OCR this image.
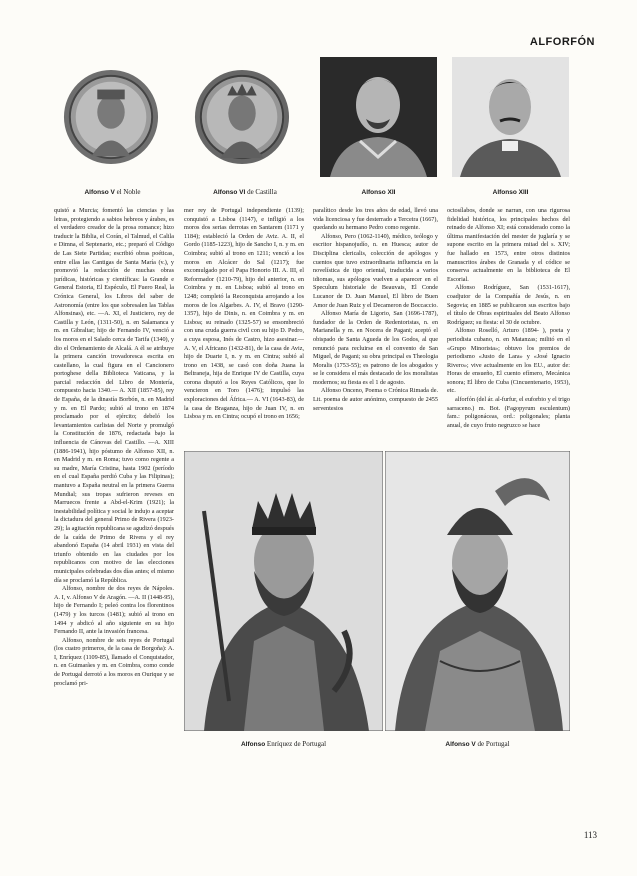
ALFORFÓN
Alfonso V el Noble	Alfonso VI de Castilla	Alfonso XII	Alfonso XIII

quistó a Murcia; fomentó las ciencias y las letras, protegiendo a sabios hebreos y árabes, es el verdadero creador de la prosa romance; hizo traducir la Biblia, el Corán, el Talmud, el Calila e Dimna, el Septenario, etc.; preparó el Código de Las Siete Partidas; escribió obras poéticas, entre ellas las Cantigas de Santa María (v.), y promovió la redacción de muchas obras jurídicas, históricas y científicas: la Grande e General Estoria, El Espéculo, El Fuero Real, la Crónica General, los Libros del saber de Astronomía (entre los que sobresalen las Tablas Alfonsinas), etc. —A. XI, el Justiciero, rey de Castilla y León, (1311-50), n. en Salamanca y m. en Gibraltar; hijo de Fernando IV, venció a los moros en el Salado cerca de Tarifa (1340), y dio el Ordenamiento de Alcalá. A él se atribuye la primera canción trovadoresca escrita en castellano, la cual figura en el Cancionero portoghese della Biblioteca Vaticana, y la parcial redacción del Libro de Montería, compuesto hacia 1340.— A. XII (1857-85), rey de España, de la dinastía Borbón, n. en Madrid y m. en El Pardo; subió al trono en 1874 proclamado por el ejército; debeló los levantamientos carlistas del Norte y promulgó la Constitución de 1876, redactada bajo la influencia de Cánovas del Castillo. —A. XIII (1886-1941), hijo póstumo de Alfonso XII, n. en Madrid y m. en Roma; tuvo como regente a su madre, María Cristina, hasta 1902 (período en el cual España perdió Cuba y las Filipinas); mantuvo a España neutral en la primera Guerra Mundial; sus tropas sufrieron reveses en Marruecos frente a Abd-el-Krim (1921); la inestabilidad política y social le indujo a aceptar la dictadura del general Primo de Rivera (1923-29); la agitación republicana se agudizó después de la caída de Primo de Rivera y el rey abandonó España (14 abril 1931) en vista del triunfo obtenido en las ciudades por los republicanos con motivo de las elecciones municipales celebradas dos días antes; el mismo día se proclamó la República.

Alfonso, nombre de dos reyes de Nápoles. A. I, v. Alfonso V de Aragón. —A. II (1448-95), hijo de Fernando I; peleó contra los florentinos (1479) y los turcos (1481); subió al trono en 1494 y abdicó al año siguiente en su hijo Fernando II, ante la invasión francesa.

Alfonso, nombre de seis reyes de Portugal (los cuatro primeros, de la casa de Borgoña): A. I, Enríquez (1109-85), llamado el Conquistador, n. en Guimarães y m. en Coimbra, como conde de Portugal derrotó a los moros en Ourique y se proclamó pri-

mer rey de Portugal independiente (1139); conquistó a Lisboa (1147), e infligió a los moros dos serias derrotas en Santarem (1171 y 1184); estableció la Orden de Aviz. A. II, el Gordo (1185-1223), hijo de Sancho I, n. y m. en Coimbra; subió al trono en 1211; venció a los moros en Alcácer do Sal (1217); fue excomulgado por el Papa Honorio III. A. III, el Reformador (1210-79), hijo del anterior, n. en Coimbra y m. en Lisboa; subió al trono en 1248; completó la Reconquista arrojando a los moros de los Algarbes. A. IV, el Bravo (1290-1357), hijo de Dinis, n. en Coimbra y m. en Lisboa; su reinado (1325-57) se ensombreció con una cruda guerra civil con su hijo D. Pedro, a cuya esposa, Inés de Castro, hizo asesinar.— A. V, el Africano (1432-81), de la casa de Aviz, hijo de Duarte I, n. y m. en Cintra; subió al trono en 1438, se casó con doña Juana la Beltraneja, hija de Enrique IV de Castilla, cuya corona disputó a los Reyes Católicos, que lo vencieron en Toro (1476); impulsó las exploraciones del África.— A. VI (1643-83), de la casa de Braganza, hijo de Juan IV, n. en Lisboa y m. en Cintra; ocupó el trono en 1656;

paralítico desde los tres años de edad, llevó una vida licenciosa y fue desterrado a Terceira (1667), quedando su hermano Pedro como regente.

Alfonso, Pero (1062-1140), médico, teólogo y escritor hispanojudío, n. en Huesca; autor de Disciplina clericalis, colección de apólogos y cuentos que tuvo extraordinaria influencia en la novelística de tipo oriental, traducida a varios idiomas, sus apólogos vuelven a aparecer en el Speculum historiale de Beauvais, El Conde Lucanor de D. Juan Manuel, El libro de Buen Amor de Juan Ruiz y el Decameron de Boccaccio.

Alfonso María de Ligorio, San (1696-1787), fundador de la Orden de Redentoristas, n. en Marianella y m. en Nocera de Pagani; aceptó el obispado de Santa Agueda de los Godos, al que renunció para recluirse en el convento de San Miguel, de Pagani; su obra principal es Theologia Moralis (1753-55); es patrono de los abogados y se le considera el más destacado de los moralistas modernos; su fiesta es el 1 de agosto.

Alfonso Onceno, Poema o Crónica Rimada de. Lit. poema de autor anónimo, compuesto de 2455 serventesios

octosílabos, donde se narran, con una rigurosa fidelidad histórica, los principales hechos del reinado de Alfonso XI; está considerado como la última manifestación del mester de juglaría y se supone escrito en la primera mitad del s. XIV; fue hallado en 1573, entre otros distintos manuscritos árabes de Granada y el códice se conserva actualmente en la biblioteca de El Escorial.

Alfonso Rodríguez, San (1531-1617), coadjutor de la Compañía de Jesús, n. en Segovia; en 1885 se publicaron sus escritos bajo el título de Obras espirituales del Beato Alfonso Rodríguez; su fiesta: el 30 de octubre.

Alfonso Roselló, Arturo (1894- ), poeta y periodista cubano, n. en Matanzas; militó en el «Grupo Minorista»; obtuvo los premios de periodismo «Justo de Lara» y «José Ignacio Rivero»; vive actualmente en los EU., autor de: Horas de ensueño, El cuento efímero, Mecánica sonora; El libro de Cuba (Cincuentenario, 1953), etc.

alforfón (del ár. al-furfur, el euforbio y el trigo sarraceno.) m. Bot. (Fagopyrum esculentum) fam.: poligonáceas, ord.: poligonales; planta anual, de cuyo fruto negruzco se hace

Alfonso Enríquez de Portugal	Alfonso V de Portugal
113
